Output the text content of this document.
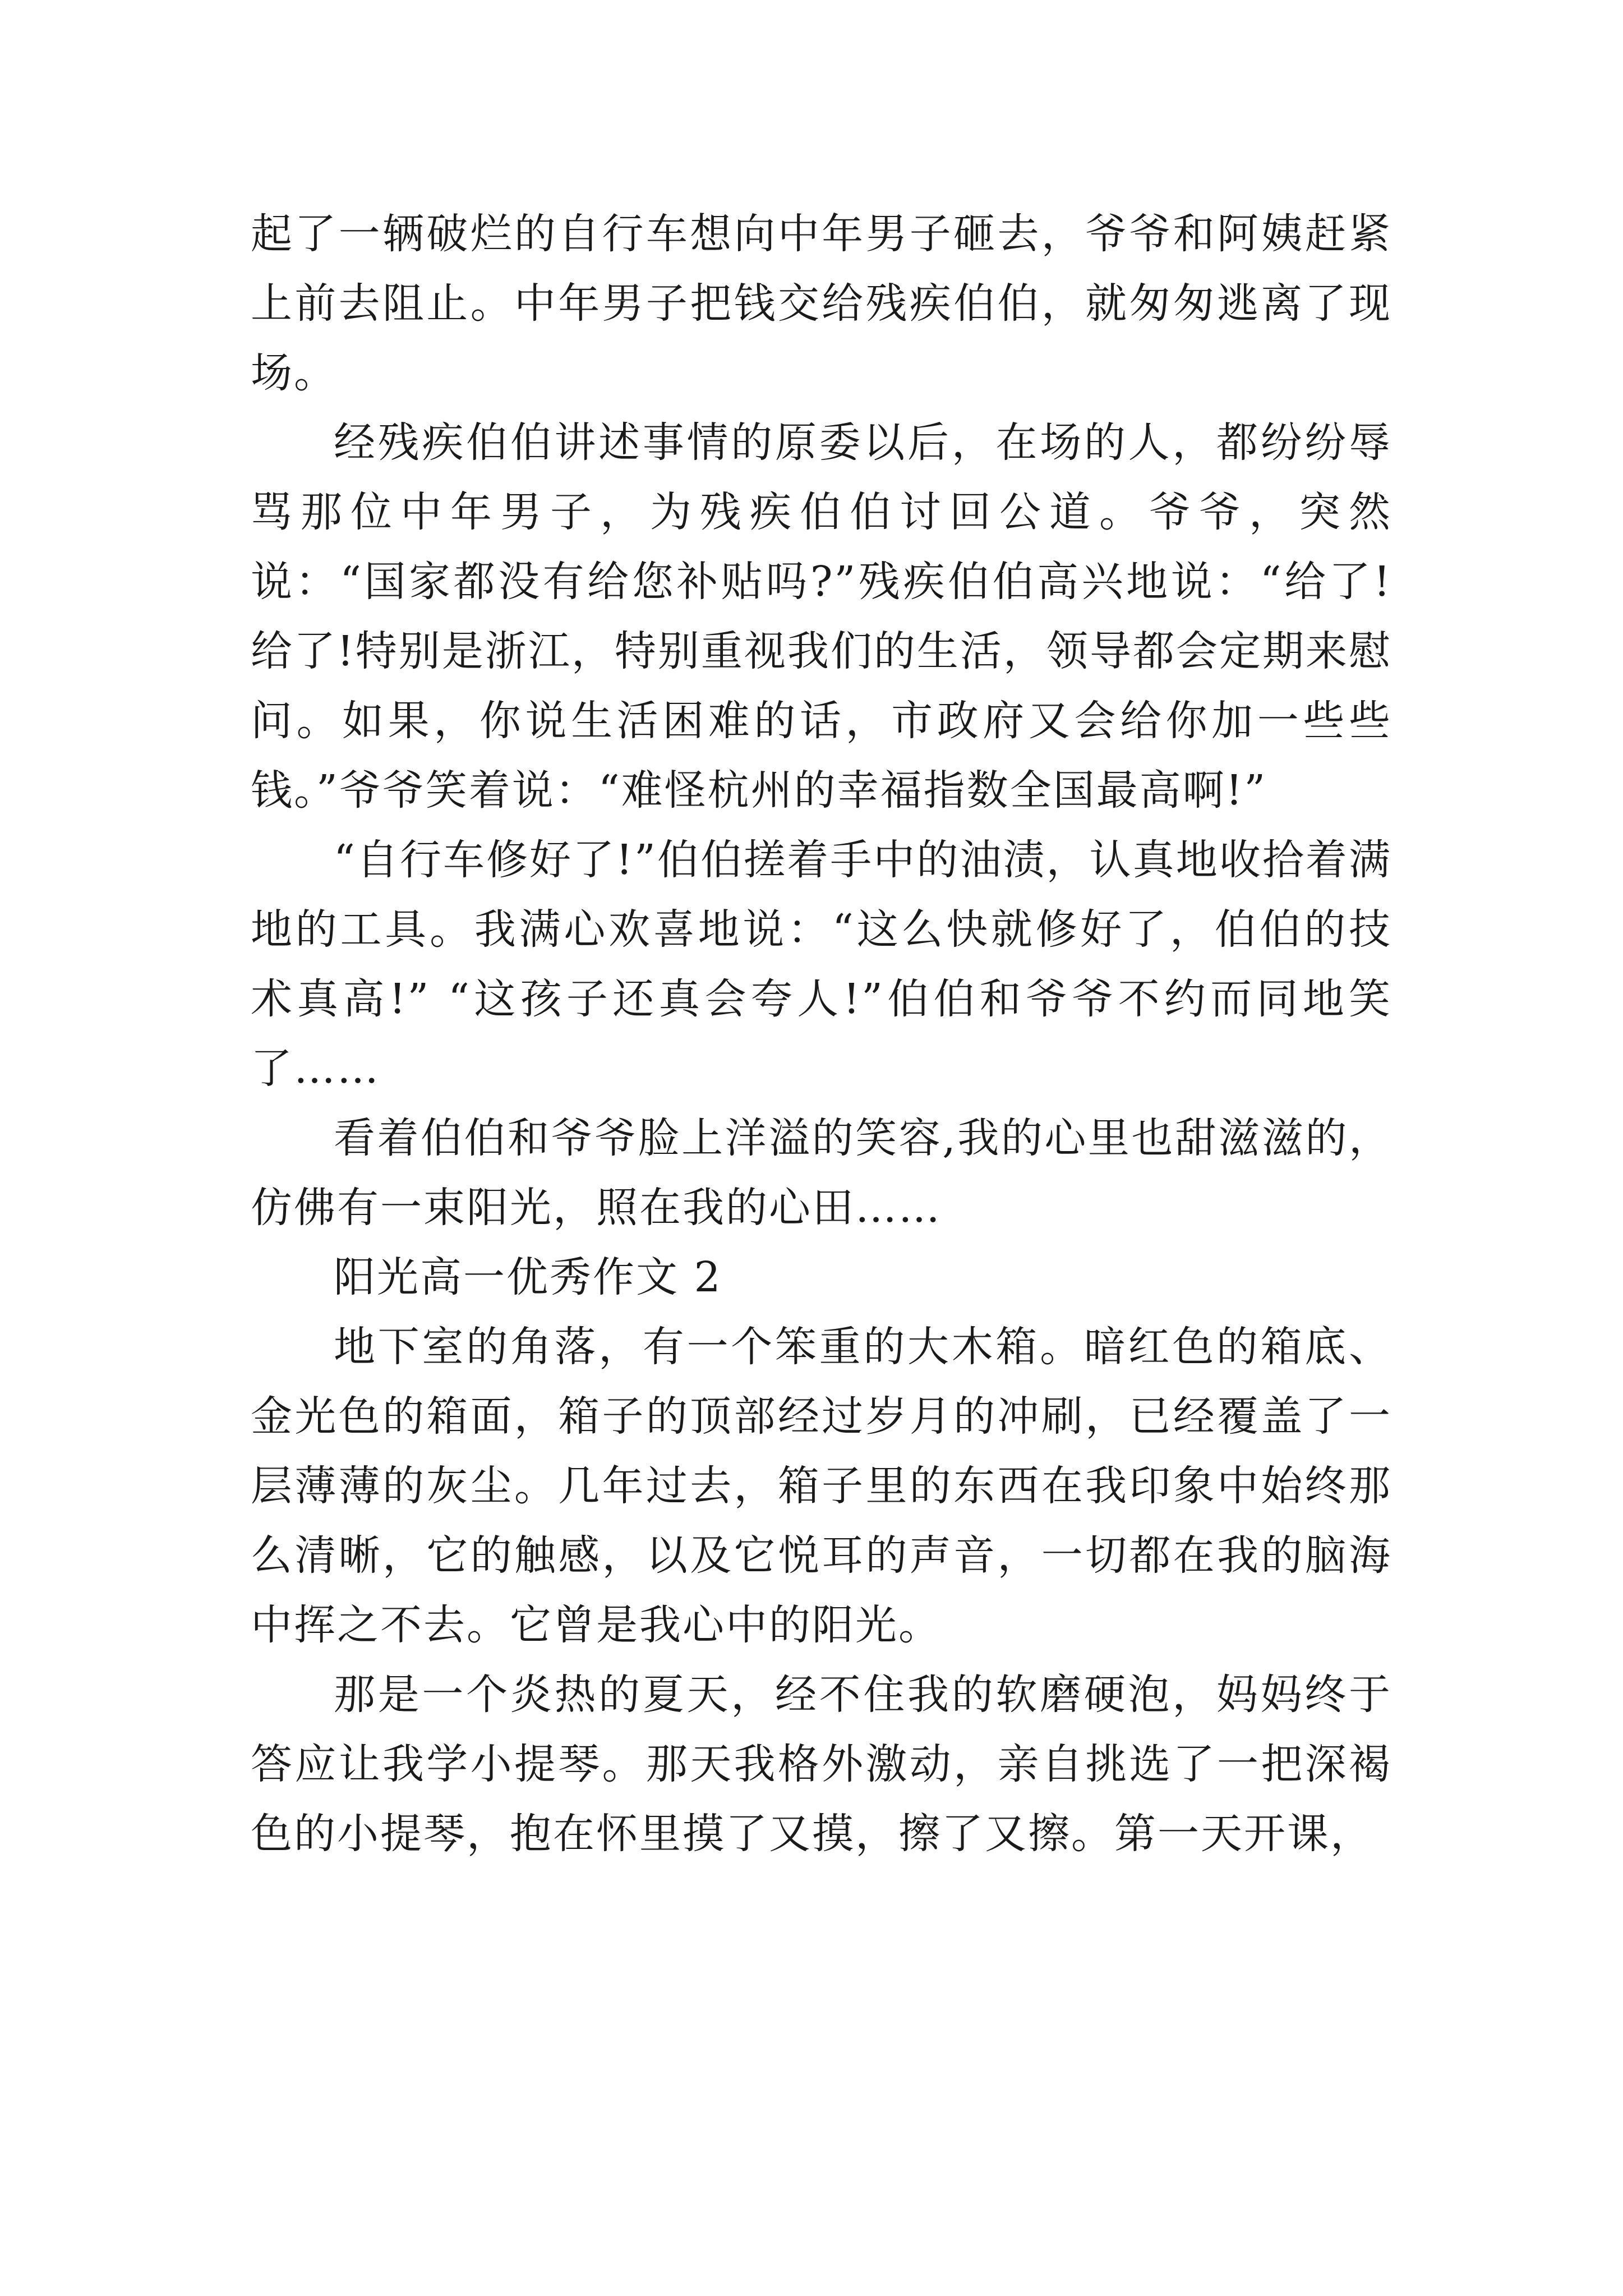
起了一辆破烂的自行车想向中年男子砸去，爷爷和阿姨赶紧上前去阻止。中年男子把钱交给残疾伯伯，就匆匆逃离了现场。

经残疾伯伯讲述事情的原委以后，在场的人，都纷纷辱骂那位中年男子，为残疾伯伯讨回公道。爷爷，突然说：“国家都没有给您补贴吗?”残疾伯伯高兴地说：“给了!给了!特别是浙江，特别重视我们的生活，领导都会定期来慰问。如果，你说生活困难的话，市政府又会给你加一些些钱。”爷爷笑着说：“难怪杭州的幸福指数全国最高啊!”

“自行车修好了!”伯伯搓着手中的油渍，认真地收拾着满地的工具。我满心欢喜地说：“这么快就修好了，伯伯的技术真高!” “这孩子还真会夸人!”伯伯和爷爷不约而同地笑了……

看着伯伯和爷爷脸上洋溢的笑容,我的心里也甜滋滋的，仿佛有一束阳光，照在我的心田……

阳光高一优秀作文 2

地下室的角落，有一个笨重的大木箱。暗红色的箱底、金光色的箱面，箱子的顶部经过岁月的冲刷，已经覆盖了一层薄薄的灰尘。几年过去，箱子里的东西在我印象中始终那么清晰，它的触感，以及它悦耳的声音，一切都在我的脑海中挥之不去。它曾是我心中的阳光。

那是一个炎热的夏天，经不住我的软磨硬泡，妈妈终于答应让我学小提琴。那天我格外激动，亲自挑选了一把深褐色的小提琴，抱在怀里摸了又摸，擦了又擦。第一天开课，
